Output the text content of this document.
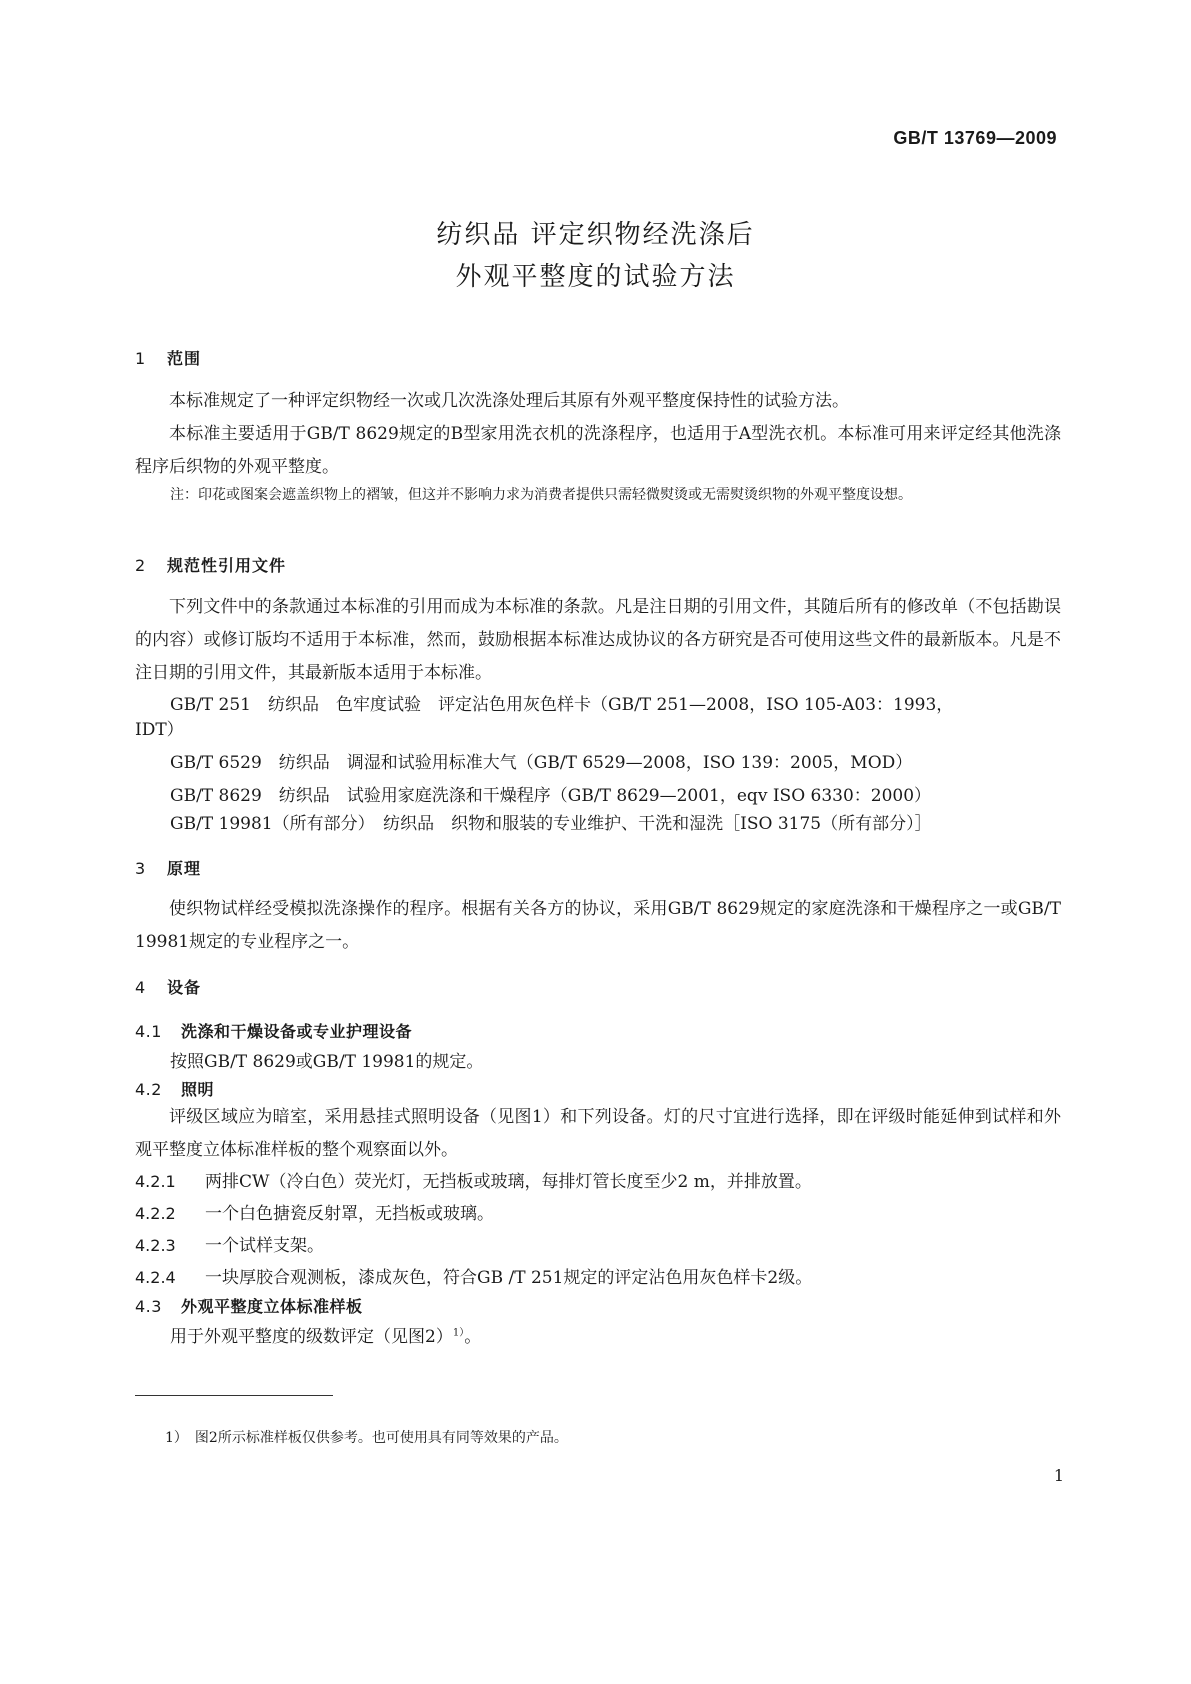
GB/T 13769—2009
纺织品 评定织物经洗涤后
外观平整度的试验方法
1 范围
本标准规定了一种评定织物经一次或几次洗涤处理后其原有外观平整度保持性的试验方法。
本标准主要适用于GB/T 8629规定的B型家用洗衣机的洗涤程序，也适用于A型洗衣机。本标准可用来评定经其他洗涤程序后织物的外观平整度。
注：印花或图案会遮盖织物上的褶皱，但这并不影响力求为消费者提供只需轻微熨烫或无需熨烫织物的外观平整度设想。
2 规范性引用文件
下列文件中的条款通过本标准的引用而成为本标准的条款。凡是注日期的引用文件，其随后所有的修改单（不包括勘误的内容）或修订版均不适用于本标准，然而，鼓励根据本标准达成协议的各方研究是否可使用这些文件的最新版本。凡是不注日期的引用文件，其最新版本适用于本标准。
GB/T 251　纺织品　色牢度试验　评定沾色用灰色样卡（GB/T 251—2008，ISO 105-A03：1993，
IDT）
GB/T 6529　纺织品　调湿和试验用标准大气（GB/T 6529—2008，ISO 139：2005，MOD）
GB/T 8629　纺织品　试验用家庭洗涤和干燥程序（GB/T 8629—2001，eqv ISO 6330：2000）
GB/T 19981（所有部分）　纺织品　织物和服装的专业维护、干洗和湿洗［ISO 3175（所有部分）］
3 原理
使织物试样经受模拟洗涤操作的程序。根据有关各方的协议，采用GB/T 8629规定的家庭洗涤和干燥程序之一或GB/T 19981规定的专业程序之一。
4 设备
4.1 洗涤和干燥设备或专业护理设备
按照GB/T 8629或GB/T 19981的规定。
4.2 照明
评级区域应为暗室，采用悬挂式照明设备（见图1）和下列设备。灯的尺寸宜进行选择，即在评级时能延伸到试样和外观平整度立体标准样板的整个观察面以外。
4.2.1 两排CW（冷白色）荧光灯，无挡板或玻璃，每排灯管长度至少2 m，并排放置。
4.2.2 一个白色搪瓷反射罩，无挡板或玻璃。
4.2.3 一个试样支架。
4.2.4 一块厚胶合观测板，漆成灰色，符合GB /T 251规定的评定沾色用灰色样卡2级。
4.3 外观平整度立体标准样板
用于外观平整度的级数评定（见图2）$^{1)}$。
1）　图2所示标准样板仅供参考。也可使用具有同等效果的产品。
1
